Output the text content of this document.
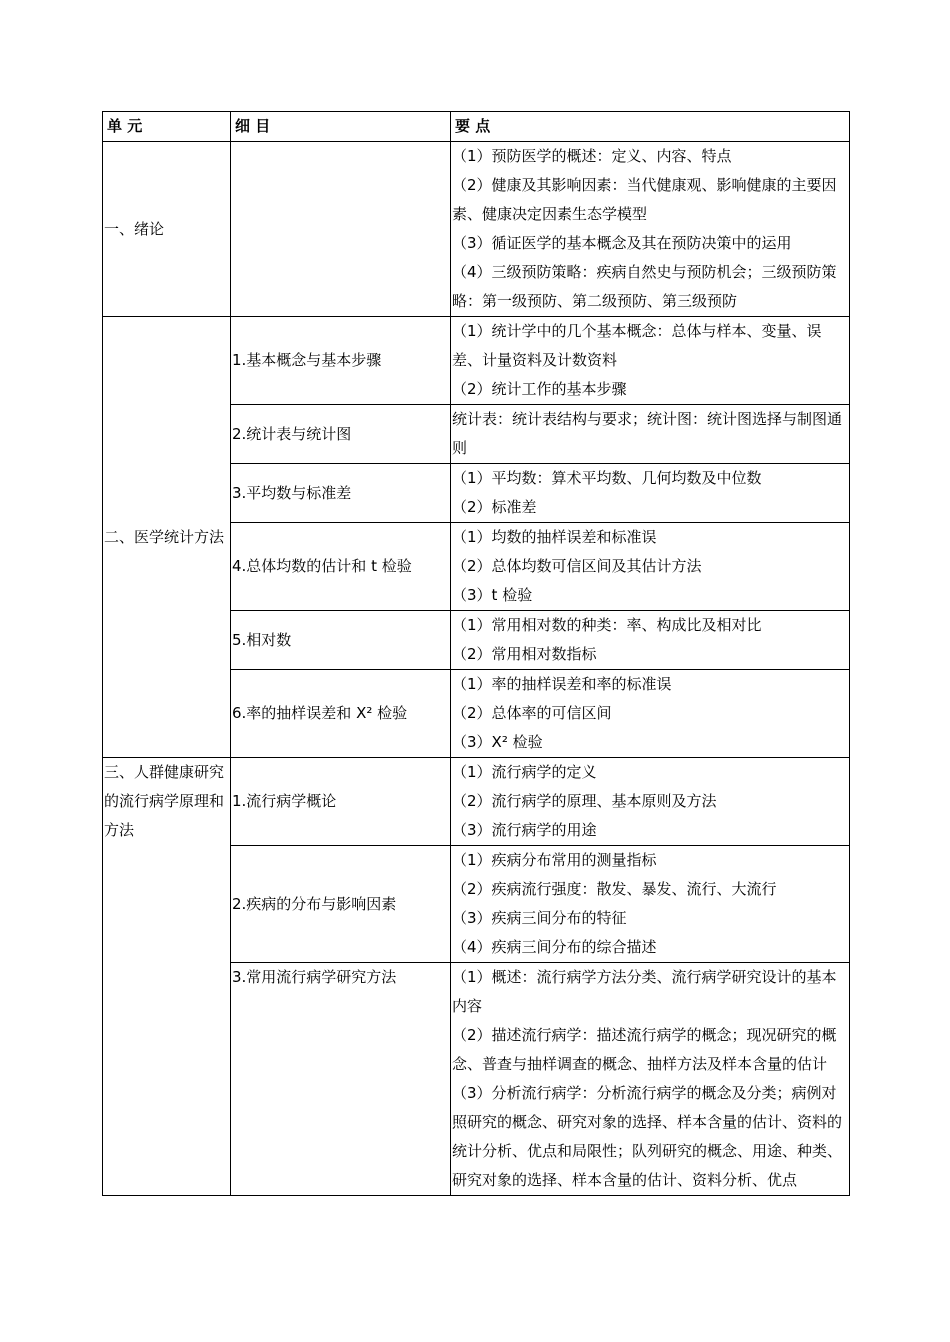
单 元	细 目	要 点
一、绪论		（1）预防医学的概述：定义、内容、特点
（2）健康及其影响因素：当代健康观、影响健康的主要因素、健康决定因素生态学模型
（3）循证医学的基本概念及其在预防决策中的运用
（4）三级预防策略：疾病自然史与预防机会；三级预防策略：第一级预防、第二级预防、第三级预防

二、医学统计方法	1.基本概念与基本步骤	（1）统计学中的几个基本概念：总体与样本、变量、误差、计量资料及计数资料
（2）统计工作的基本步骤

	2.统计表与统计图	统计表：统计表结构与要求；统计图：统计图选择与制图通则

	3.平均数与标准差	（1）平均数：算术平均数、几何均数及中位数
（2）标准差

	4.总体均数的估计和 t 检验	（1）均数的抽样误差和标准误
（2）总体均数可信区间及其估计方法
（3）t 检验

	5.相对数	（1）常用相对数的种类：率、构成比及相对比
（2）常用相对数指标

	6.率的抽样误差和 X² 检验	（1）率的抽样误差和率的标准误
（2）总体率的可信区间
（3）X² 检验

三、人群健康研究的流行病学原理和方法	1.流行病学概论	（1）流行病学的定义
（2）流行病学的原理、基本原则及方法
（3）流行病学的用途

	2.疾病的分布与影响因素	（1）疾病分布常用的测量指标
（2）疾病流行强度：散发、暴发、流行、大流行
（3）疾病三间分布的特征
（4）疾病三间分布的综合描述

	3.常用流行病学研究方法	（1）概述：流行病学方法分类、流行病学研究设计的基本内容
（2）描述流行病学：描述流行病学的概念；现况研究的概念、普查与抽样调查的概念、抽样方法及样本含量的估计
（3）分析流行病学：分析流行病学的概念及分类；病例对照研究的概念、研究对象的选择、样本含量的估计、资料的统计分析、优点和局限性；队列研究的概念、用途、种类、研究对象的选择、样本含量的估计、资料分析、优点
